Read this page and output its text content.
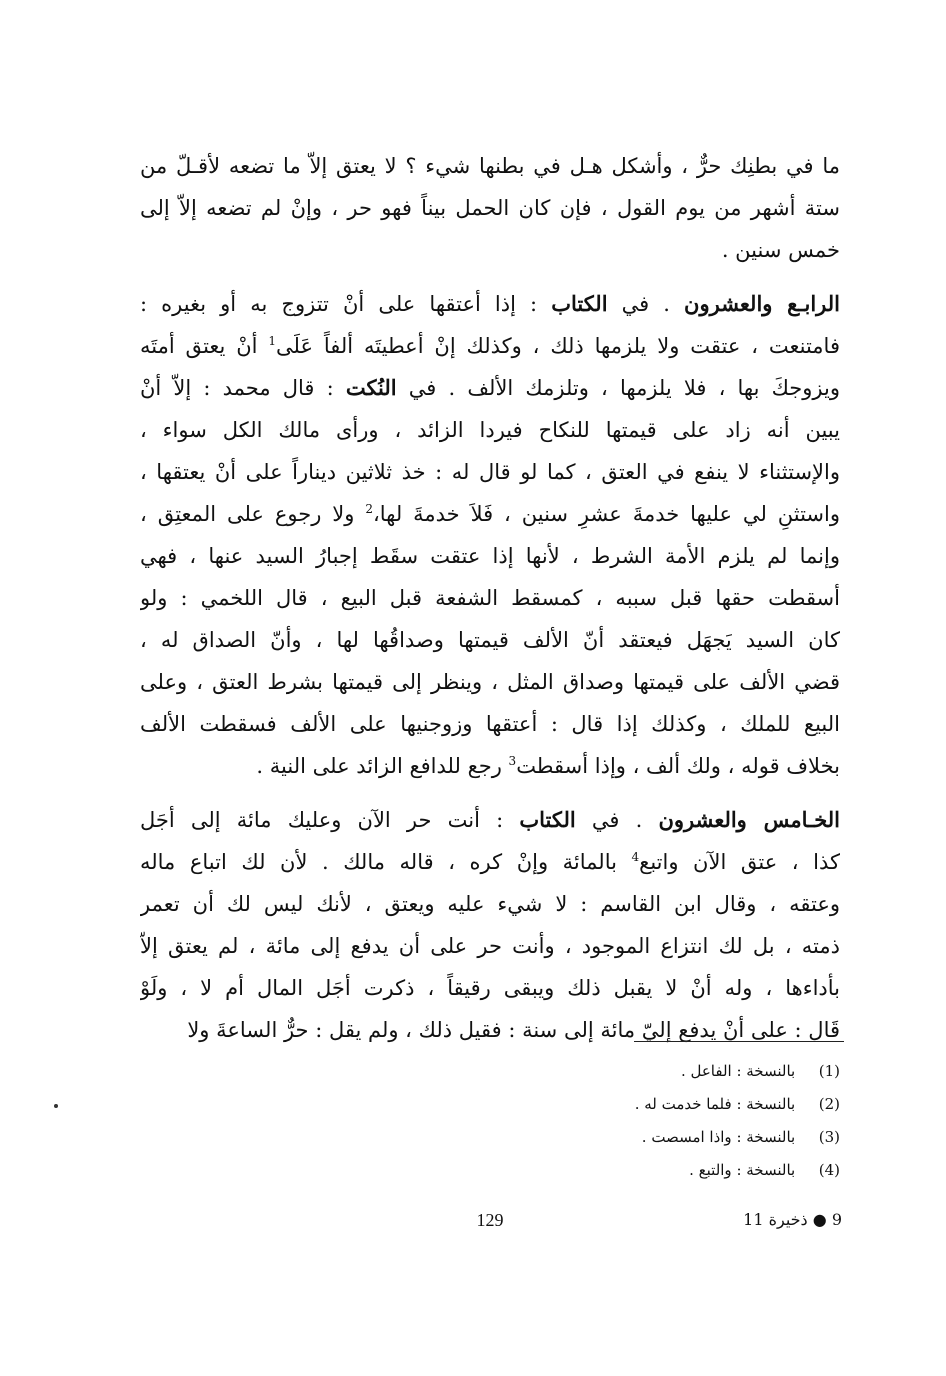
ما في بطنِك حرٌّ ، وأشكل هـل في بطنها شيء ؟ لا يعتق إلاّ ما تضعه لأقـلّ من
ستة أشهر من يوم القول ، فإن كان الحمل بيناً فهو حر ، وإنْ لم تضعه إلاّ إلى
خمس سنين .
الرابـع والعشرون . في الكتاب : إذا أعتقها على أنْ تتزوج به أو بغيره :
فامتنعت ، عتقت ولا يلزمها ذلك ، وكذلك إنْ أعطيتَه ألفاً عَلَى$^1$ أنْ يعتق أمتَه
ويزوجكَ بها ، فلا يلزمها ، وتلزمك الألف . في النُكت : قال محمد : إلاّ أنْ
يبين أنه زاد على قيمتها للنكاح فيردا الزائد ، ورأى مالك الكل سواء ،
والإستثناء لا ينفع في العتق ، كما لو قال له : خذ ثلاثين ديناراً على أنْ يعتقها ،
واستثنِ لي عليها خدمةَ عشرِ سنين ، فَلاَ خدمةَ لها،$^2$ ولا رجوع على المعتِق ،
وإنما لم يلزم الأمة الشرط ، لأنها إذا عتقت سقَط إجبارُ السيد عنها ، فهي
أسقطت حقها قبل سببه ، كمسقط الشفعة قبل البيع ، قال اللخمي : ولو
كان السيد يَجهَل فيعتقد أنّ الألف قيمتها وصداقُها لها ، وأنّ الصداق له ،
قضي الألف على قيمتها وصداق المثل ، وينظر إلى قيمتها بشرط العتق ، وعلى
البيع للملك ، وكذلك إذا قال : أعتقها وزوجنيها على الألف فسقطت الألف
بخلاف قوله ، ولك ألف ، وإذا أسقطت$^3$ رجع للدافع الزائد على النية .
الخـامس والعشرون . في الكتاب : أنت حر الآن وعليك مائة إلى أجَل
كذا ، عتق الآن واتبع$^4$ بالمائة وإنْ كره ، قاله مالك . لأن لك اتباع ماله
وعتقه ، وقال ابن القاسم : لا شيء عليه ويعتق ، لأنك ليس لك أن تعمر
ذمته ، بل لك انتزاع الموجود ، وأنت حر على أن يدفع إلى مائة ، لم يعتق إلاّ
بأداءها ، وله أنْ لا يقبل ذلك ويبقى رقيقاً ، ذكرت أجَل المال أم لا ، ولَوْ
قَال : على أنْ يدفع إليّ مائة إلى سنة : فقيل ذلك ، ولم يقل : حرٌّ الساعةَ ولا
(1) بالنسخة : الفاعل .
(2) بالنسخة : فلما خدمت له .
(3) بالنسخة : واذا امسصت .
(4) بالنسخة : والتبع .
129	9 ● ذخيرة 11
